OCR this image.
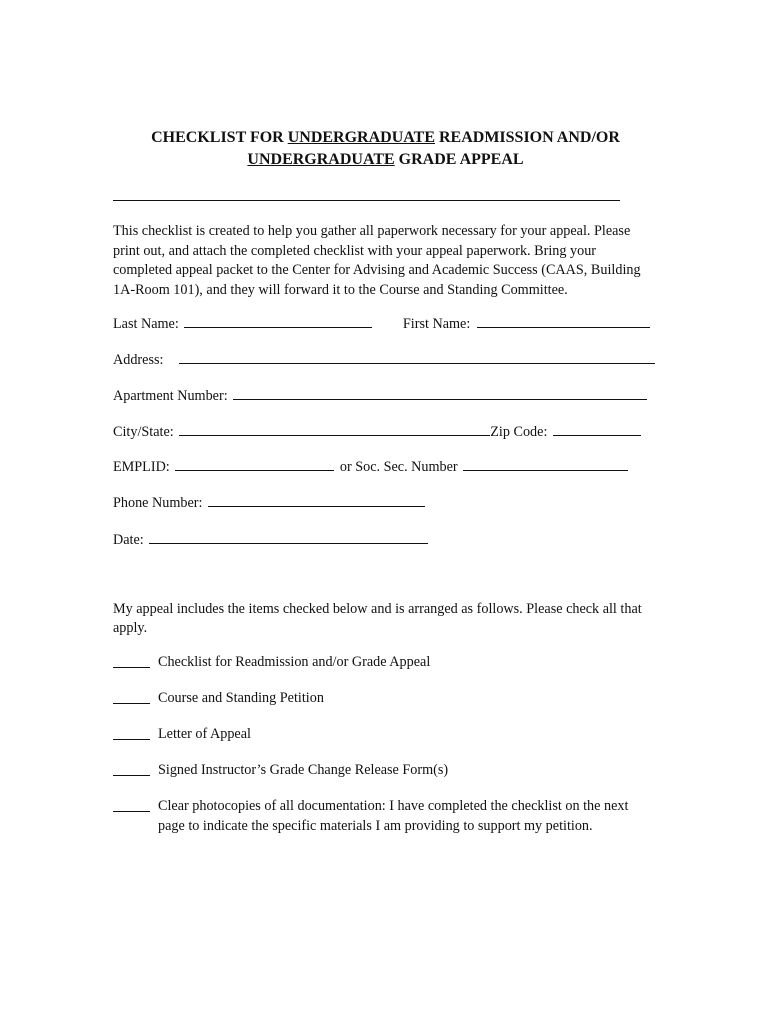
CHECKLIST FOR UNDERGRADUATE READMISSION AND/OR
UNDERGRADUATE GRADE APPEAL

This checklist is created to help you gather all paperwork necessary for your appeal. Please print out, and attach the completed checklist with your appeal paperwork. Bring your completed appeal packet to the Center for Advising and Academic Success (CAAS, Building 1A-Room 101), and they will forward it to the Course and Standing Committee.

Last Name:	First Name:
Address:
Apartment Number:
City/State:	Zip Code:
EMPLID:	or Soc. Sec. Number
Phone Number:
Date:

My appeal includes the items checked below and is arranged as follows. Please check all that apply.

Checklist for Readmission and/or Grade Appeal
Course and Standing Petition
Letter of Appeal
Signed Instructor’s Grade Change Release Form(s)
Clear photocopies of all documentation: I have completed the checklist on the next page to indicate the specific materials I am providing to support my petition.
